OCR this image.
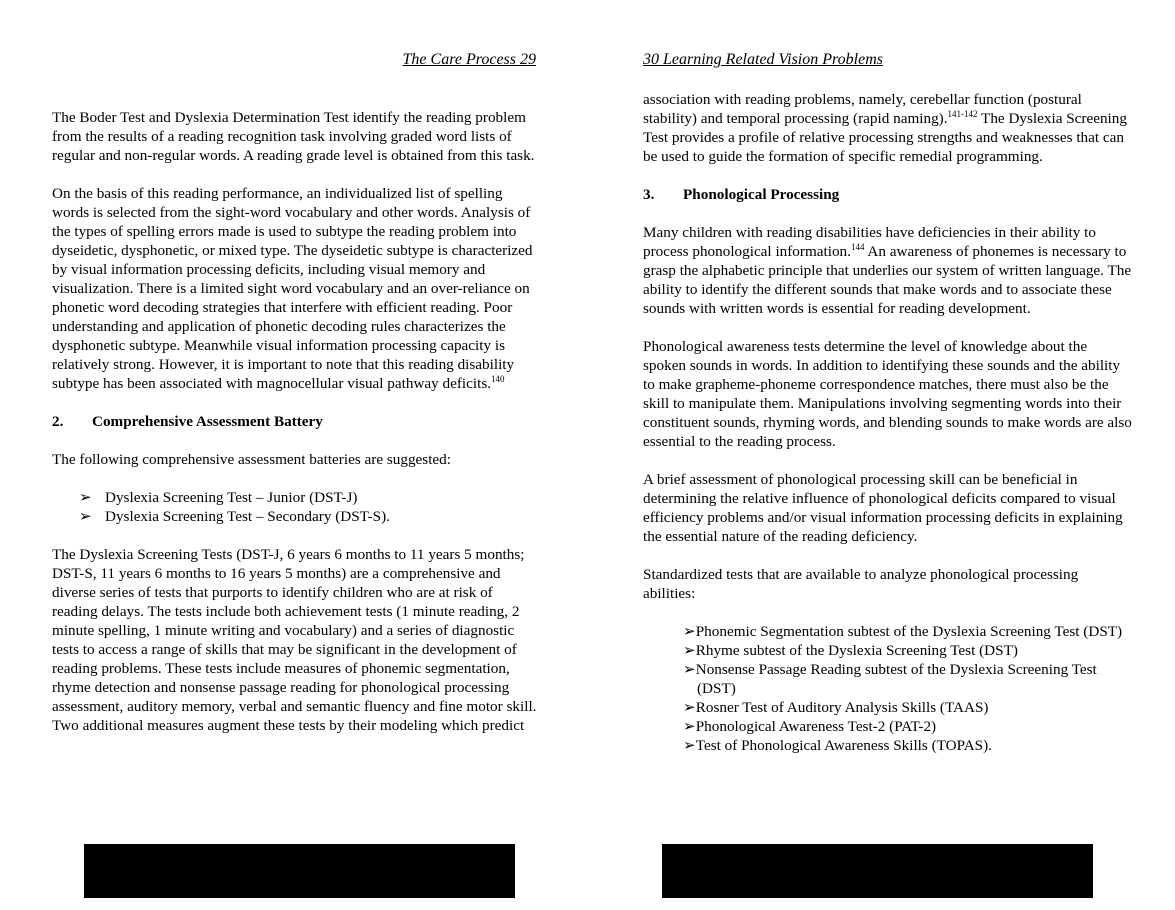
The Care Process 29

The Boder Test and Dyslexia Determination Test identify the reading problem from the results of a reading recognition task involving graded word lists of regular and non-regular words. A reading grade level is obtained from this task.

On the basis of this reading performance, an individualized list of spelling words is selected from the sight-word vocabulary and other words. Analysis of the types of spelling errors made is used to subtype the reading problem into dyseidetic, dysphonetic, or mixed type. The dyseidetic subtype is characterized by visual information processing deficits, including visual memory and visualization. There is a limited sight word vocabulary and an over-reliance on phonetic word decoding strategies that interfere with efficient reading. Poor understanding and application of phonetic decoding rules characterizes the dysphonetic subtype. Meanwhile visual information processing capacity is relatively strong. However, it is important to note that this reading disability subtype has been associated with magnocellular visual pathway deficits.$^{140}$

2. Comprehensive Assessment Battery

The following comprehensive assessment batteries are suggested:

➢ Dyslexia Screening Test – Junior (DST-J)
➢ Dyslexia Screening Test – Secondary (DST-S).

The Dyslexia Screening Tests (DST-J, 6 years 6 months to 11 years 5 months; DST-S, 11 years 6 months to 16 years 5 months) are a comprehensive and diverse series of tests that purports to identify children who are at risk of reading delays. The tests include both achievement tests (1 minute reading, 2 minute spelling, 1 minute writing and vocabulary) and a series of diagnostic tests to access a range of skills that may be significant in the development of reading problems. These tests include measures of phonemic segmentation, rhyme detection and nonsense passage reading for phonological processing assessment, auditory memory, verbal and semantic fluency and fine motor skill. Two additional measures augment these tests by their modeling which predict

30 Learning Related Vision Problems

association with reading problems, namely, cerebellar function (postural stability) and temporal processing (rapid naming).$^{141-142}$ The Dyslexia Screening Test provides a profile of relative processing strengths and weaknesses that can be used to guide the formation of specific remedial programming.

3. Phonological Processing

Many children with reading disabilities have deficiencies in their ability to process phonological information.$^{144}$ An awareness of phonemes is necessary to grasp the alphabetic principle that underlies our system of written language. The ability to identify the different sounds that make words and to associate these sounds with written words is essential for reading development.

Phonological awareness tests determine the level of knowledge about the spoken sounds in words. In addition to identifying these sounds and the ability to make grapheme-phoneme correspondence matches, there must also be the skill to manipulate them. Manipulations involving segmenting words into their constituent sounds, rhyming words, and blending sounds to make words are also essential to the reading process.

A brief assessment of phonological processing skill can be beneficial in determining the relative influence of phonological deficits compared to visual efficiency problems and/or visual information processing deficits in explaining the essential nature of the reading deficiency.

Standardized tests that are available to analyze phonological processing abilities:

➢Phonemic Segmentation subtest of the Dyslexia Screening Test (DST)
➢Rhyme subtest of the Dyslexia Screening Test (DST)
➢Nonsense Passage Reading subtest of the Dyslexia Screening Test (DST)
➢Rosner Test of Auditory Analysis Skills (TAAS)
➢Phonological Awareness Test-2 (PAT-2)
➢Test of Phonological Awareness Skills (TOPAS).
